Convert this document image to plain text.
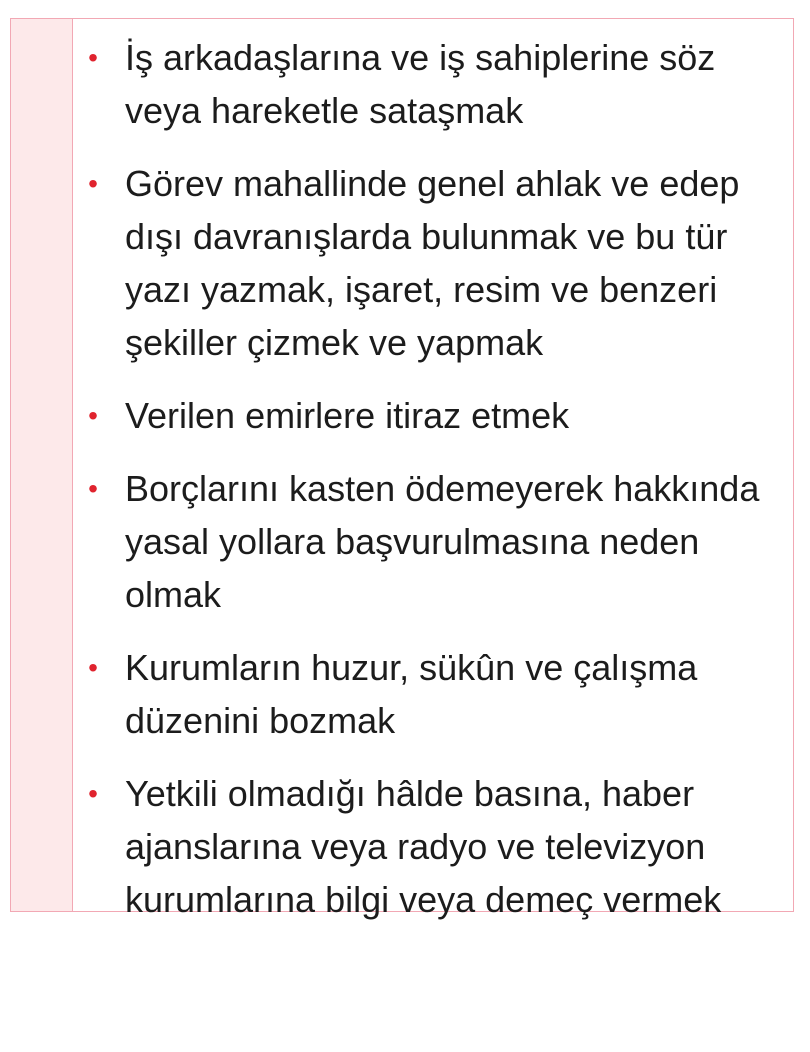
• İş arkadaşlarına ve iş sahiplerine söz veya hareketle sataşmak
• Görev mahallinde genel ahlak ve edep dışı davranışlarda bulunmak ve bu tür yazı yazmak, işaret, resim ve benzeri şekiller çizmek ve yapmak
• Verilen emirlere itiraz etmek
• Borçlarını kasten ödemeyerek hakkında yasal yollara başvurulmasına neden olmak
• Kurumların huzur, sükûn ve çalışma düzenini bozmak
• Yetkili olmadığı hâlde basına, haber ajanslarına veya radyo ve televizyon kurumlarına bilgi veya demeç vermek
